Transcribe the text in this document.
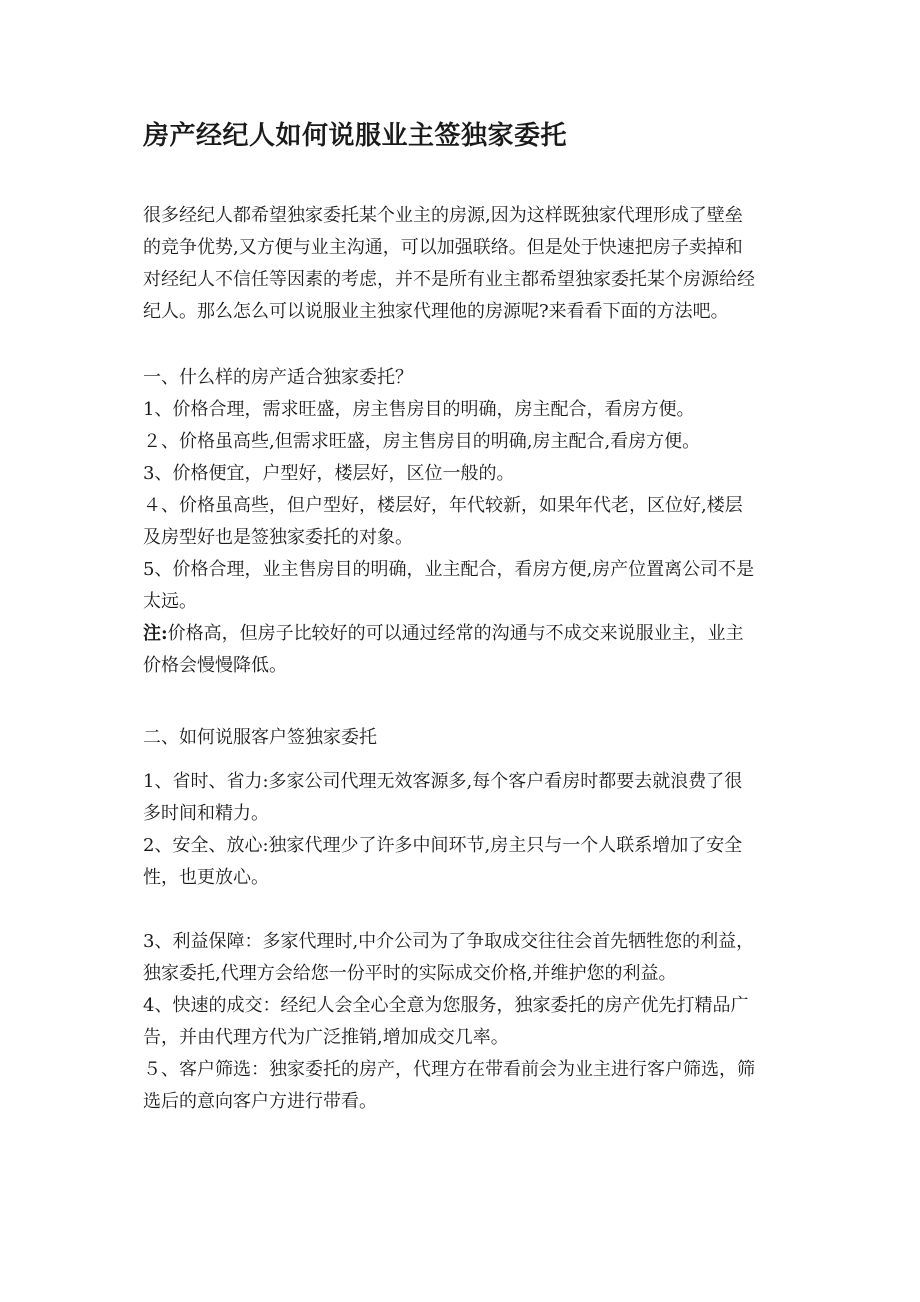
房产经纪人如何说服业主签独家委托

很多经纪人都希望独家委托某个业主的房源,因为这样既独家代理形成了壁垒
的竞争优势,又方便与业主沟通，可以加强联络。但是处于快速把房子卖掉和
对经纪人不信任等因素的考虑，并不是所有业主都希望独家委托某个房源给经
纪人。那么怎么可以说服业主独家代理他的房源呢?来看看下面的方法吧。

一、什么样的房产适合独家委托？
1、价格合理，需求旺盛，房主售房目的明确，房主配合，看房方便。
２、价格虽高些,但需求旺盛，房主售房目的明确,房主配合,看房方便。
3、价格便宜，户型好，楼层好，区位一般的。
４、价格虽高些，但户型好，楼层好，年代较新，如果年代老，区位好,楼层
及房型好也是签独家委托的对象。
5、价格合理，业主售房目的明确，业主配合，看房方便,房产位置离公司不是
太远。
注:价格高，但房子比较好的可以通过经常的沟通与不成交来说服业主，业主
价格会慢慢降低。

二、如何说服客户签独家委托

1、省时、省力:多家公司代理无效客源多,每个客户看房时都要去就浪费了很
多时间和精力。
2、安全、放心:独家代理少了许多中间环节,房主只与一个人联系增加了安全
性，也更放心。

3、利益保障：多家代理时,中介公司为了争取成交往往会首先牺牲您的利益，
独家委托,代理方会给您一份平时的实际成交价格,并维护您的利益。
4、快速的成交：经纪人会全心全意为您服务，独家委托的房产优先打精品广
告，并由代理方代为广泛推销,增加成交几率。
５、客户筛选：独家委托的房产，代理方在带看前会为业主进行客户筛选，筛
选后的意向客户方进行带看。
